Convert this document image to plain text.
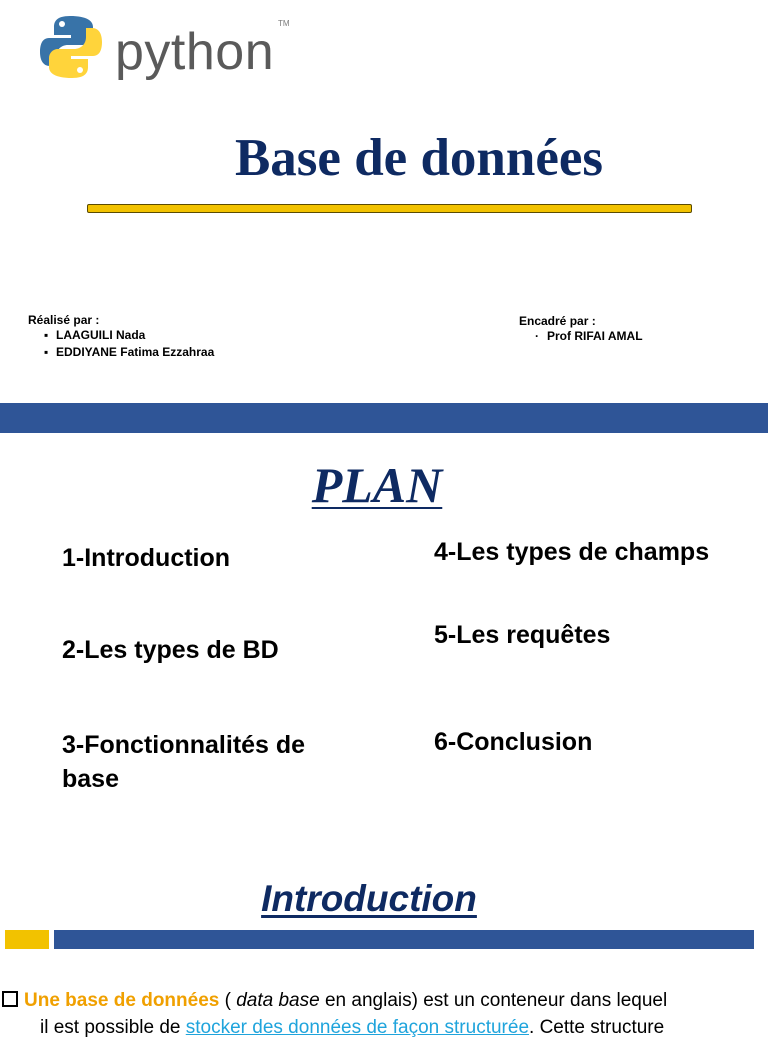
python TM
Base de données
Réalisé par :
▪ LAAGUILI Nada
▪ EDDIYANE Fatima Ezzahraa
Encadré par :
· Prof RIFAI AMAL
PLAN
1-Introduction
2-Les types de BD
3-Fonctionnalités de base
4-Les types de champs
5-Les requêtes
6-Conclusion
Introduction
Une base de données ( data base en anglais) est un conteneur dans lequel
il est possible de stocker des données de façon structurée. Cette structure
